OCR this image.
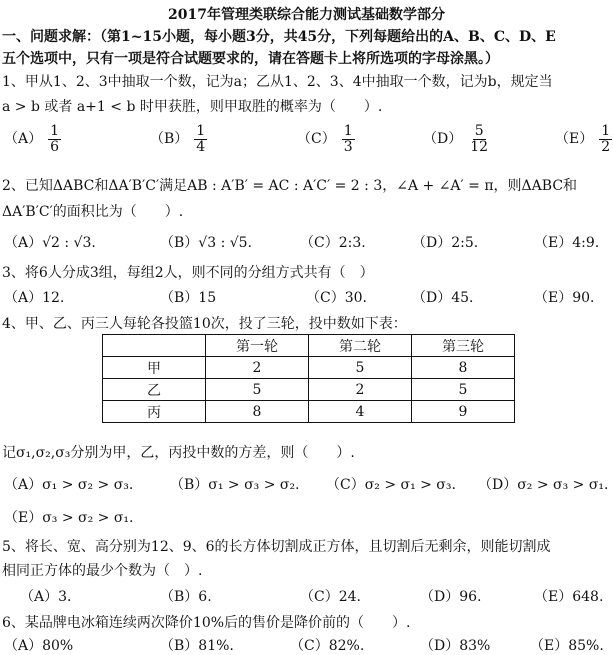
2017年管理类联综合能力测试基础数学部分
一、问题求解：（第1~15小题，每小题3分，共45分，下列每题给出的A、B、C、D、E
五个选项中，只有一项是符合试题要求的，请在答题卡上将所选项的字母涂黑。）
1、甲从1、2、3中抽取一个数，记为a；乙从1、2、3、4中抽取一个数，记为b，规定当
a > b 或者 a+1 < b 时甲获胜，则甲取胜的概率为（　　）.
$(A) \frac{1}{6}$	$(B) \frac{1}{4}$	$(C) \frac{1}{3}$	$(D) \frac{5}{12}$	$(E) \frac{1}{2}$
2、已知ΔABC和ΔA′B′C′满足AB : A′B′ = AC : A′C′ = 2 : 3，∠A + ∠A′ = π，则ΔABC和
ΔA′B′C′的面积比为（　　）.
（A）√2 : √3.	（B）√3 : √5.	（C）2:3.	（D）2:5.	（E）4:9.
3、将6人分成3组，每组2人，则不同的分组方式共有（　）
（A）12.	（B）15	（C）30.	（D）45.	（E）90.
4、甲、乙、丙三人每轮各投篮10次，投了三轮，投中数如下表：
	第一轮	第二轮	第三轮
甲	2	5	8
乙	5	2	5
丙	8	4	9
记σ₁,σ₂,σ₃分别为甲，乙，丙投中数的方差，则（　　）.
（A）σ₁ > σ₂ > σ₃.	（B）σ₁ > σ₃ > σ₂. （C）σ₂ > σ₁ > σ₃. （D）σ₂ > σ₃ > σ₁.
（E）σ₃ > σ₂ > σ₁.
5、将长、宽、高分别为12、9、6的长方体切割成正方体，且切割后无剩余，则能切割成
相同正方体的最少个数为（　）.
（A）3.	（B）6.	（C）24.	（D）96.	（E）648.
6、某品牌电冰箱连续两次降价10%后的售价是降价前的（　　）.
（A）80%	（B）81%.	（C）82%.	（D）83%	（E）85%.
